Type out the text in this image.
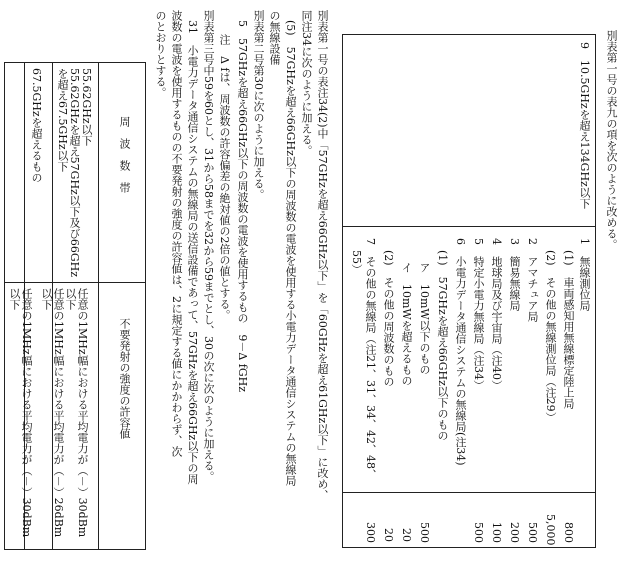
別表第一号の表九の項を次のように改める。
9
10.5GHzを超え134GHz以下
1　無線測位局
(1)　車両感知用無線標定陸上局
(2)　その他の無線測位局（注29）
2　アマチュア局
3　簡易無線局
4　地球局及び宇宙局（注40）
5　特定小電力無線局（注34）
6　小電力データ通信システムの無線局(注34)
(1)　57GHzを超え66GHz以下のもの
ア　10mW以下のもの
イ　10mWを超えるもの
(2)　その他の周波数のもの
7　その他の無線局（注21、31、34、42、48、
55）
800
5,000
500
200
100
500
500
20
20
300
別表第一号の表注34(2)中「57GHzを超え66GHz以下」を「60GHzを超え61GHz以下」に改め、
同注34に次のように加える。
(5)　57GHzを超え66GHz以下の周波数の電波を使用する小電力データ通信システムの無線局
の無線設備
別表第二号第30に次のように加える。
5　57GHzを超え66GHz以下の周波数の電波を使用するもの　9－Δ fGHz
注　Δ fは、周波数の許容偏差の絶対値の2倍の値とする。
別表第三号中59を60とし、31から58までを32から59までとし、30の次に次のように加える。
31　小電力データ通信システムの無線局の送信設備であって、57GHzを超え66GHz以下の周
波数の電波を使用するものの不要発射の強度の許容値は、2に規定する値にかかわらず、次
のとおりとする。
周　波　数　帯
不要発射の強度の許容値
55.62GHz以下
任意の1MHz幅における平均電力が（－）30dBm以下
55.62GHzを超え57GHz以下及び66GHzを超え67.5GHz以下
任意の1MHz幅における平均電力が（－）26dBm以下
67.5GHzを超えるもの
任意の1MHz幅における平均電力が（－）30dBm以下
